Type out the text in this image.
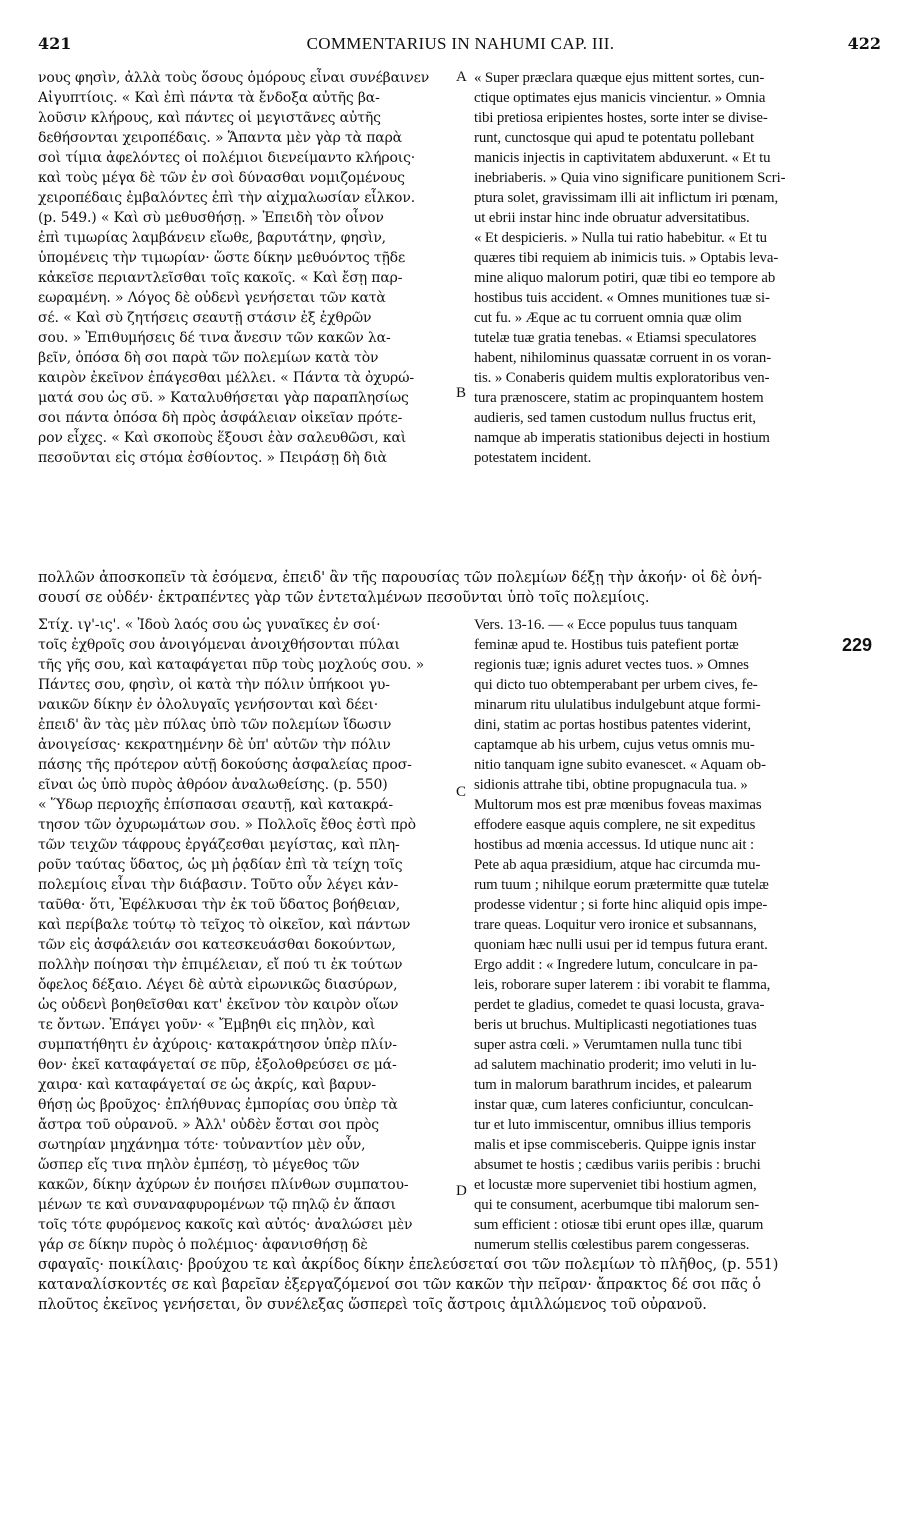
421	COMMENTARIUS IN NAHUMI CAP. III.	422
νους φησὶν, ἀλλὰ τοὺς ὅσους ὁμόρους εἶναι συνέβαινεν
Αἰγυπτίοις. « Καὶ ἐπὶ πάντα τὰ ἔνδοξα αὐτῆς βα-
λοῦσιν κλήρους, καὶ πάντες οἱ μεγιστᾶνες αὐτῆς
δεθήσονται χειροπέδαις. » Ἅπαντα μὲν γὰρ τὰ παρὰ
σοὶ τίμια ἀφελόντες οἱ πολέμιοι διενείμαντο κλήροις·
καὶ τοὺς μέγα δὲ τῶν ἐν σοὶ δύνασθαι νομιζομένους
χειροπέδαις ἐμβαλόντες ἐπὶ τὴν αἰχμαλωσίαν εἷλκον.
(p. 549.) « Καὶ σὺ μεθυσθήσῃ. » Ἐπειδὴ τὸν οἶνον
ἐπὶ τιμωρίας λαμβάνειν εἴωθε, βαρυτάτην, φησὶν,
ὑπομένεις τὴν τιμωρίαν· ὥστε δίκην μεθυόντος τῇδε
κἀκεῖσε περιαντλεῖσθαι τοῖς κακοῖς. « Καὶ ἔσῃ παρ-
εωραμένη. » Λόγος δὲ οὐδενὶ γενήσεται τῶν κατὰ
σέ. « Καὶ σὺ ζητήσεις σεαυτῇ στάσιν ἐξ ἐχθρῶν
σου. » Ἐπιθυμήσεις δέ τινα ἄνεσιν τῶν κακῶν λα-
βεῖν, ὁπόσα δὴ σοι παρὰ τῶν πολεμίων κατὰ τὸν
καιρὸν ἐκεῖνον ἐπάγεσθαι μέλλει. « Πάντα τὰ ὀχυρώ-
ματά σου ὡς σῦ. » Καταλυθήσεται γὰρ παραπλησίως
σοι πάντα ὁπόσα δὴ πρὸς ἀσφάλειαν οἰκεῖαν πρότε-
ρον εἶχες. « Καὶ σκοποὺς ἕξουσι ἐὰν σαλευθῶσι, καὶ
πεσοῦνται εἰς στόμα ἐσθίοντος. » Πειράσῃ δὴ διὰ
« Super præclara quæque ejus mittent sortes, cun-
ctique optimates ejus manicis vincientur. » Omnia
tibi pretiosa eripientes hostes, sorte inter se divise-
runt, cunctosque qui apud te potentatu pollebant
manicis injectis in captivitatem abduxerunt. « Et tu
inebriaberis. » Quia vino significare punitionem Scri-
ptura solet, gravissimam illi ait inflictum iri pœnam,
ut ebrii instar hinc inde obruatur adversitatibus.
« Et despicieris. » Nulla tui ratio habebitur. « Et tu
quæres tibi requiem ab inimicis tuis. » Optabis leva-
mine aliquo malorum potiri, quæ tibi eo tempore ab
hostibus tuis accident. « Omnes munitiones tuæ si-
cut fu. » Æque ac tu corruent omnia quæ olim
tutelæ tuæ gratia tenebas. « Etiamsi speculatores
habent, nihilominus quassatæ corruent in os voran-
tis. » Conaberis quidem multis exploratoribus ven-
tura prænoscere, statim ac propinquantem hostem
audieris, sed tamen custodum nullus fructus erit,
namque ab imperatis stationibus dejecti in hostium
potestatem incident.
πολλῶν ἀποσκοπεῖν τὰ ἐσόμενα, ἐπειδ' ἂν τῆς παρουσίας τῶν πολεμίων δέξῃ τὴν ἀκοήν· οἱ δὲ ὀνή-
σουσί σε οὐδέν· ἐκτραπέντες γὰρ τῶν ἐντεταλμένων πεσοῦνται ὑπὸ τοῖς πολεμίοις.
Στίχ. ιγ'-ις'. « Ἰδοὺ λαός σου ὡς γυναῖκες ἐν σοί·
τοῖς ἐχθροῖς σου ἀνοιγόμεναι ἀνοιχθήσονται πύλαι
τῆς γῆς σου, καὶ καταφάγεται πῦρ τοὺς μοχλούς σου. »
Πάντες σου, φησὶν, οἱ κατὰ τὴν πόλιν ὑπήκοοι γυ-
ναικῶν δίκην ἐν ὀλολυγαῖς γενήσονται καὶ δέει·
ἐπειδ' ἂν τὰς μὲν πύλας ὑπὸ τῶν πολεμίων ἴδωσιν
ἀνοιγείσας· κεκρατημένην δὲ ὑπ' αὐτῶν τὴν πόλιν
πάσης τῆς πρότερον αὐτῇ δοκούσης ἀσφαλείας προσ-
εῖναι ὡς ὑπὸ πυρὸς ἀθρόον ἀναλωθείσης. (p. 550)
« Ὕδωρ περιοχῆς ἐπίσπασαι σεαυτῇ, καὶ κατακρά-
τησον τῶν ὀχυρωμάτων σου. » Πολλοῖς ἔθος ἐστὶ πρὸ
τῶν τειχῶν τάφρους ἐργάζεσθαι μεγίστας, καὶ πλη-
ροῦν ταύτας ὕδατος, ὡς μὴ ῥᾳδίαν ἐπὶ τὰ τείχη τοῖς
πολεμίοις εἶναι τὴν διάβασιν. Τοῦτο οὖν λέγει κἀν-
ταῦθα· ὅτι, Ἐφέλκυσαι τὴν ἐκ τοῦ ὕδατος βοήθειαν,
καὶ περίβαλε τούτῳ τὸ τεῖχος τὸ οἰκεῖον, καὶ πάντων
τῶν εἰς ἀσφάλειάν σοι κατεσκευάσθαι δοκούντων,
πολλὴν ποίησαι τὴν ἐπιμέλειαν, εἴ πού τι ἐκ τούτων
ὄφελος δέξαιο. Λέγει δὲ αὐτὰ εἰρωνικῶς διασύρων,
ὡς οὐδενὶ βοηθεῖσθαι κατ' ἐκεῖνον τὸν καιρὸν οἵων
τε ὄντων. Ἐπάγει γοῦν· « Ἔμβηθι εἰς πηλὸν, καὶ
συμπατήθητι ἐν ἀχύροις· κατακράτησον ὑπὲρ πλίν-
θον· ἐκεῖ καταφάγεταί σε πῦρ, ἐξολοθρεύσει σε μά-
χαιρα· καὶ καταφάγεταί σε ὡς ἀκρίς, καὶ βαρυν-
θήσῃ ὡς βροῦχος· ἐπλήθυνας ἐμπορίας σου ὑπὲρ τὰ
ἄστρα τοῦ οὐρανοῦ. » Ἀλλ' οὐδὲν ἔσται σοι πρὸς
σωτηρίαν μηχάνημα τότε· τοὐναντίον μὲν οὖν,
ὥσπερ εἴς τινα πηλὸν ἐμπέσῃ, τὸ μέγεθος τῶν
κακῶν, δίκην ἀχύρων ἐν ποιήσει πλίνθων συμπατου-
μένων τε καὶ συναναφυρομένων τῷ πηλῷ ἐν ἅπασι
τοῖς τότε φυρόμενος κακοῖς καὶ αὐτός· ἀναλώσει μὲν
γάρ σε δίκην πυρὸς ὁ πολέμιος· ἀφανισθήσῃ δὲ
Vers. 13-16. — « Ecce populus tuus tanquam
feminæ apud te. Hostibus tuis patefient portæ
regionis tuæ; ignis aduret vectes tuos. » Omnes
qui dicto tuo obtemperabant per urbem cives, fe-
minarum ritu ululatibus indulgebunt atque formi-
dini, statim ac portas hostibus patentes viderint,
captamque ab his urbem, cujus vetus omnis mu-
nitio tanquam igne subito evanescet. « Aquam ob-
sidionis attrahe tibi, obtine propugnacula tua. »
Multorum mos est præ mœnibus foveas maximas
effodere easque aquis complere, ne sit expeditus
hostibus ad mœnia accessus. Id utique nunc ait :
Pete ab aqua præsidium, atque hac circumda mu-
rum tuum ; nihilque eorum prætermitte quæ tutelæ
prodesse videntur ; si forte hinc aliquid opis impe-
trare queas. Loquitur vero ironice et subsannans,
quoniam hæc nulli usui per id tempus futura erant.
Ergo addit : « Ingredere lutum, conculcare in pa-
leis, roborare super laterem : ibi vorabit te flamma,
perdet te gladius, comedet te quasi locusta, grava-
beris ut bruchus. Multiplicasti negotiationes tuas
super astra cœli. » Verumtamen nulla tunc tibi
ad salutem machinatio proderit; imo veluti in lu-
tum in malorum barathrum incides, et palearum
instar quæ, cum lateres conficiuntur, conculcan-
tur et luto immiscentur, omnibus illius temporis
malis et ipse commisceberis. Quippe ignis instar
absumet te hostis ; cædibus variis peribis : bruchi
et locustæ more superveniet tibi hostium agmen,
qui te consument, acerbumque tibi malorum sen-
sum efficient : otiosæ tibi erunt opes illæ, quarum
numerum stellis cœlestibus parem congesseras.
σφαγαῖς· ποικίλαις· βρούχου τε καὶ ἀκρίδος δίκην ἐπελεύσεταί σοι τῶν πολεμίων τὸ πλῆθος, (p. 551)
καταναλίσκοντές σε καὶ βαρεῖαν ἐξεργαζόμενοί σοι τῶν κακῶν τὴν πεῖραν· ἄπρακτος δέ σοι πᾶς ὁ
πλοῦτος ἐκεῖνος γενήσεται, ὃν συνέλεξας ὥσπερεὶ τοῖς ἄστροις ἁμιλλώμενος τοῦ οὐρανοῦ.
A
B
C
D
229
